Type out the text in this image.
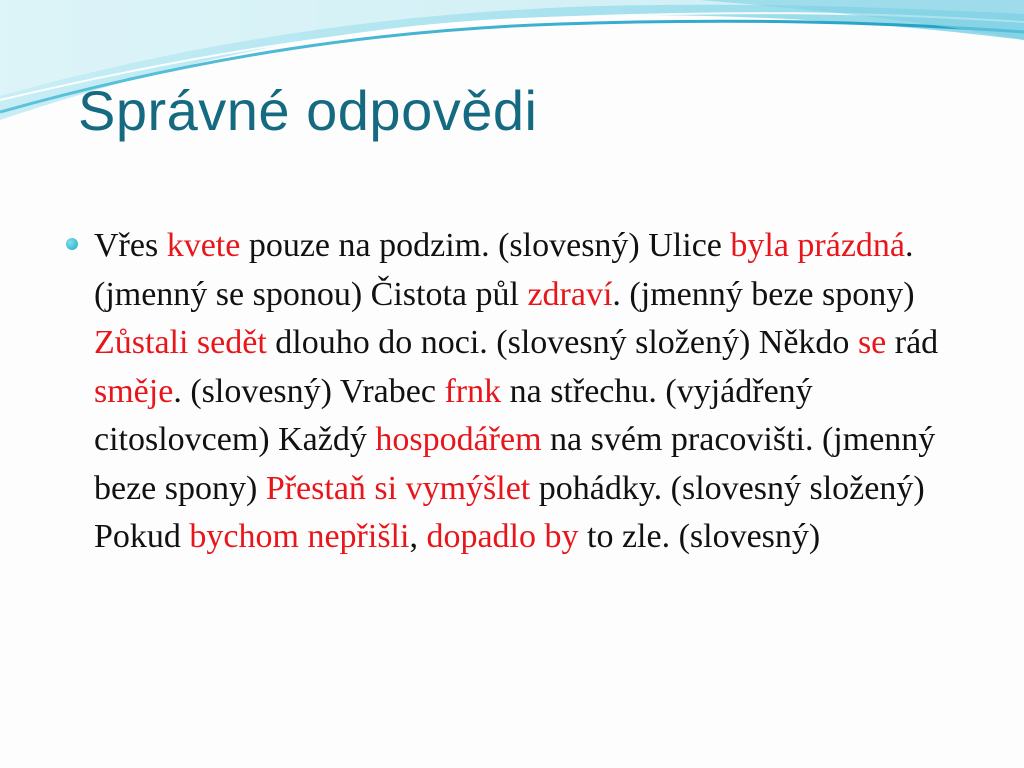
Správné odpovědi

Vřes kvete pouze na podzim. (slovesný) Ulice byla prázdná. (jmenný se sponou) Čistota půl zdraví. (jmenný beze spony) Zůstali sedět dlouho do noci. (slovesný složený) Někdo se rád směje. (slovesný) Vrabec frnk na střechu. (vyjádřený citoslovcem) Každý hospodářem na svém pracovišti. (jmenný beze spony) Přestaň si vymýšlet pohádky. (slovesný složený) Pokud bychom nepřišli, dopadlo by to zle. (slovesný)
